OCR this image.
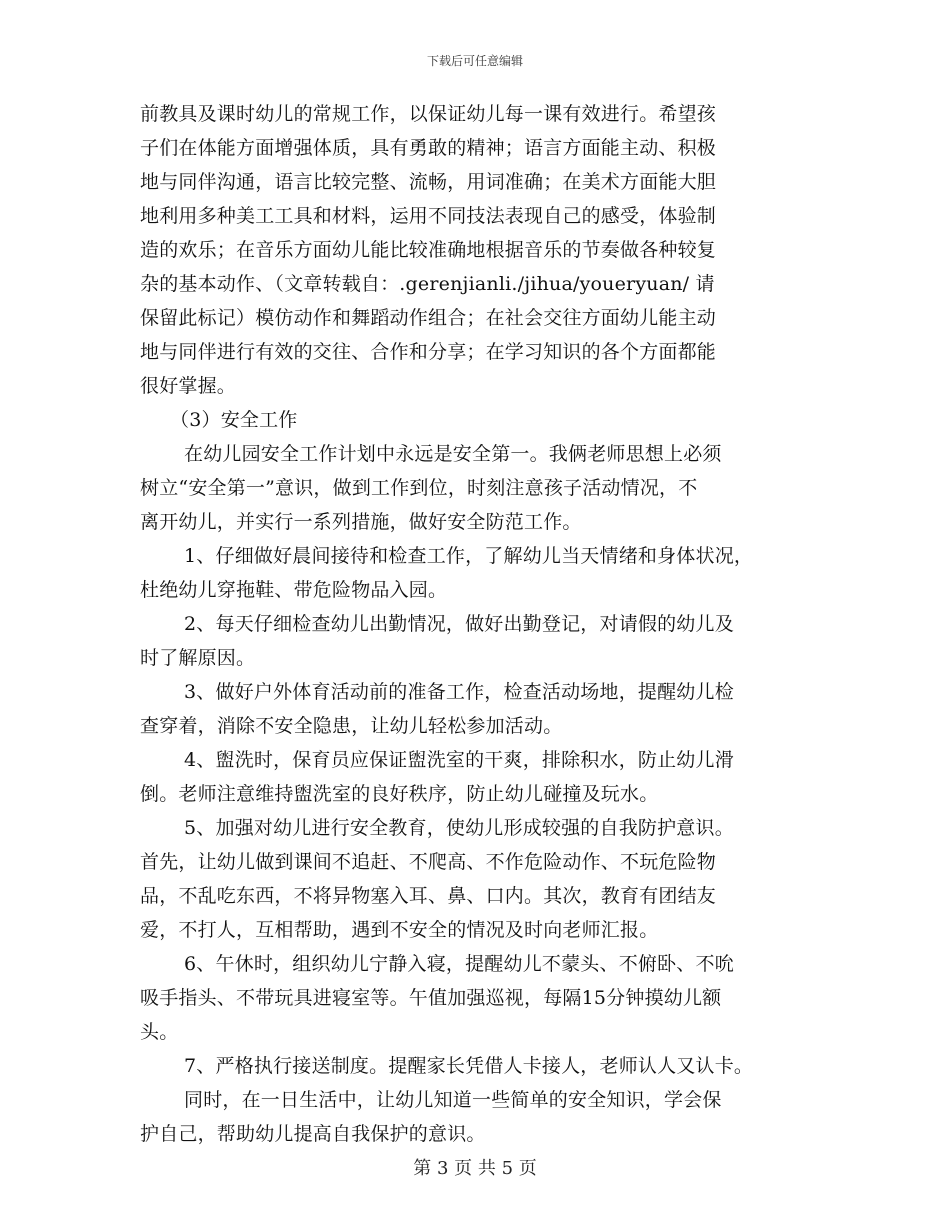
下载后可任意编辑
前教具及课时幼儿的常规工作，以保证幼儿每一课有效进行。希望孩
子们在体能方面增强体质，具有勇敢的精神；语言方面能主动、积极
地与同伴沟通，语言比较完整、流畅，用词准确；在美术方面能大胆
地利用多种美工工具和材料，运用不同技法表现自己的感受，体验制
造的欢乐；在音乐方面幼儿能比较准确地根据音乐的节奏做各种较复
杂的基本动作、（文章转载自：.gerenjianli./jihua/youeryuan/ 请
保留此标记）模仿动作和舞蹈动作组合；在社会交往方面幼儿能主动
地与同伴进行有效的交往、合作和分享；在学习知识的各个方面都能
很好掌握。
（3）安全工作
在幼儿园安全工作计划中永远是安全第一。我俩老师思想上必须
树立“安全第一”意识，做到工作到位，时刻注意孩子活动情况，不
离开幼儿，并实行一系列措施，做好安全防范工作。
1、仔细做好晨间接待和检查工作，了解幼儿当天情绪和身体状况，
杜绝幼儿穿拖鞋、带危险物品入园。
2、每天仔细检查幼儿出勤情况，做好出勤登记，对请假的幼儿及
时了解原因。
3、做好户外体育活动前的准备工作，检查活动场地，提醒幼儿检
查穿着，消除不安全隐患，让幼儿轻松参加活动。
4、盥洗时，保育员应保证盥洗室的干爽，排除积水，防止幼儿滑
倒。老师注意维持盥洗室的良好秩序，防止幼儿碰撞及玩水。
5、加强对幼儿进行安全教育，使幼儿形成较强的自我防护意识。
首先，让幼儿做到课间不追赶、不爬高、不作危险动作、不玩危险物
品，不乱吃东西，不将异物塞入耳、鼻、口内。其次，教育有团结友
爱，不打人，互相帮助，遇到不安全的情况及时向老师汇报。
6、午休时，组织幼儿宁静入寝，提醒幼儿不蒙头、不俯卧、不吮
吸手指头、不带玩具进寝室等。午值加强巡视，每隔15分钟摸幼儿额
头。
7、严格执行接送制度。提醒家长凭借人卡接人，老师认人又认卡。
同时，在一日生活中，让幼儿知道一些简单的安全知识，学会保
护自己，帮助幼儿提高自我保护的意识。
第 3 页 共 5 页
